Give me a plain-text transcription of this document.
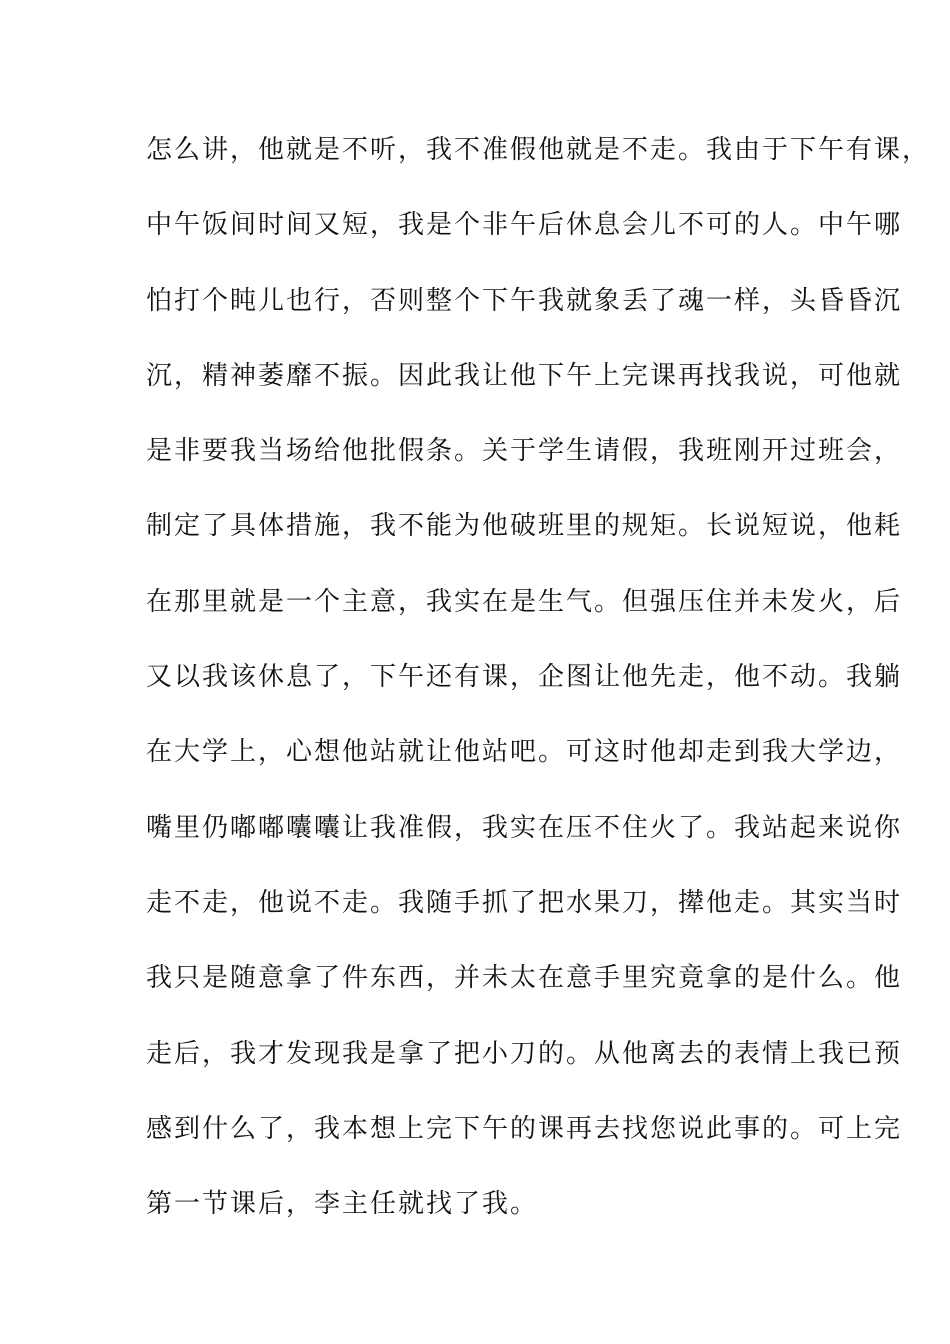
怎么讲，他就是不听，我不准假他就是不走。我由于下午有课，
中午饭间时间又短，我是个非午后休息会儿不可的人。中午哪
怕打个盹儿也行，否则整个下午我就象丢了魂一样，头昏昏沉
沉，精神萎靡不振。因此我让他下午上完课再找我说，可他就
是非要我当场给他批假条。关于学生请假，我班刚开过班会，
制定了具体措施，我不能为他破班里的规矩。长说短说，他耗
在那里就是一个主意，我实在是生气。但强压住并未发火，后
又以我该休息了，下午还有课，企图让他先走，他不动。我躺
在大学上，心想他站就让他站吧。可这时他却走到我大学边，
嘴里仍嘟嘟囔囔让我准假，我实在压不住火了。我站起来说你
走不走，他说不走。我随手抓了把水果刀，撵他走。其实当时
我只是随意拿了件东西，并未太在意手里究竟拿的是什么。他
走后，我才发现我是拿了把小刀的。从他离去的表情上我已预
感到什么了，我本想上完下午的课再去找您说此事的。可上完
第一节课后，李主任就找了我。
